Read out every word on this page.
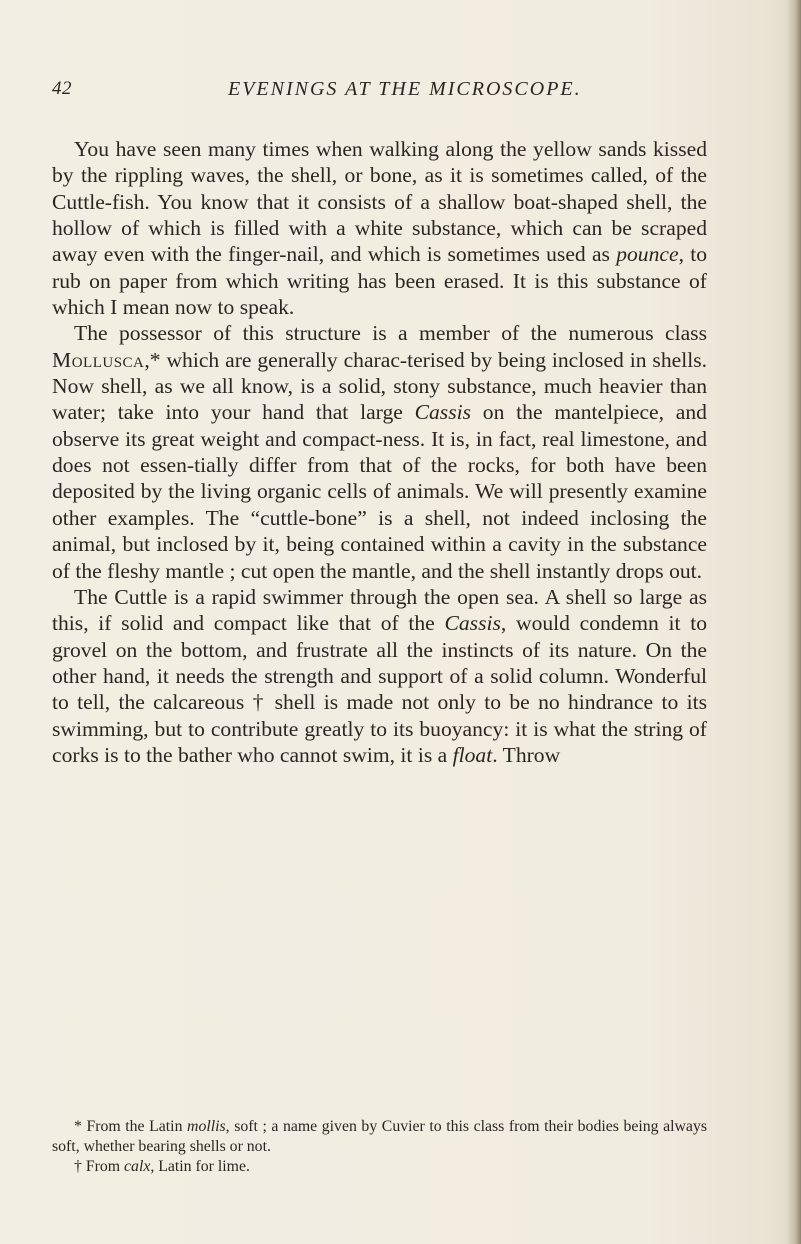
42	EVENINGS AT THE MICROSCOPE.

You have seen many times when walking along the yellow sands kissed by the rippling waves, the shell, or bone, as it is sometimes called, of the Cuttle-fish. You know that it consists of a shallow boat-shaped shell, the hollow of which is filled with a white substance, which can be scraped away even with the finger-nail, and which is sometimes used as pounce, to rub on paper from which writing has been erased. It is this substance of which I mean now to speak.

The possessor of this structure is a member of the numerous class Mollusca,* which are generally charac-terised by being inclosed in shells. Now shell, as we all know, is a solid, stony substance, much heavier than water; take into your hand that large Cassis on the mantelpiece, and observe its great weight and compact-ness. It is, in fact, real limestone, and does not essen-tially differ from that of the rocks, for both have been deposited by the living organic cells of animals. We will presently examine other examples. The “cuttle-bone” is a shell, not indeed inclosing the animal, but inclosed by it, being contained within a cavity in the substance of the fleshy mantle ; cut open the mantle, and the shell instantly drops out.

The Cuttle is a rapid swimmer through the open sea. A shell so large as this, if solid and compact like that of the Cassis, would condemn it to grovel on the bottom, and frustrate all the instincts of its nature. On the other hand, it needs the strength and support of a solid column. Wonderful to tell, the calcareous † shell is made not only to be no hindrance to its swimming, but to contribute greatly to its buoyancy: it is what the string of corks is to the bather who cannot swim, it is a float. Throw

* From the Latin mollis, soft ; a name given by Cuvier to this class from their bodies being always soft, whether bearing shells or not.

† From calx, Latin for lime.
